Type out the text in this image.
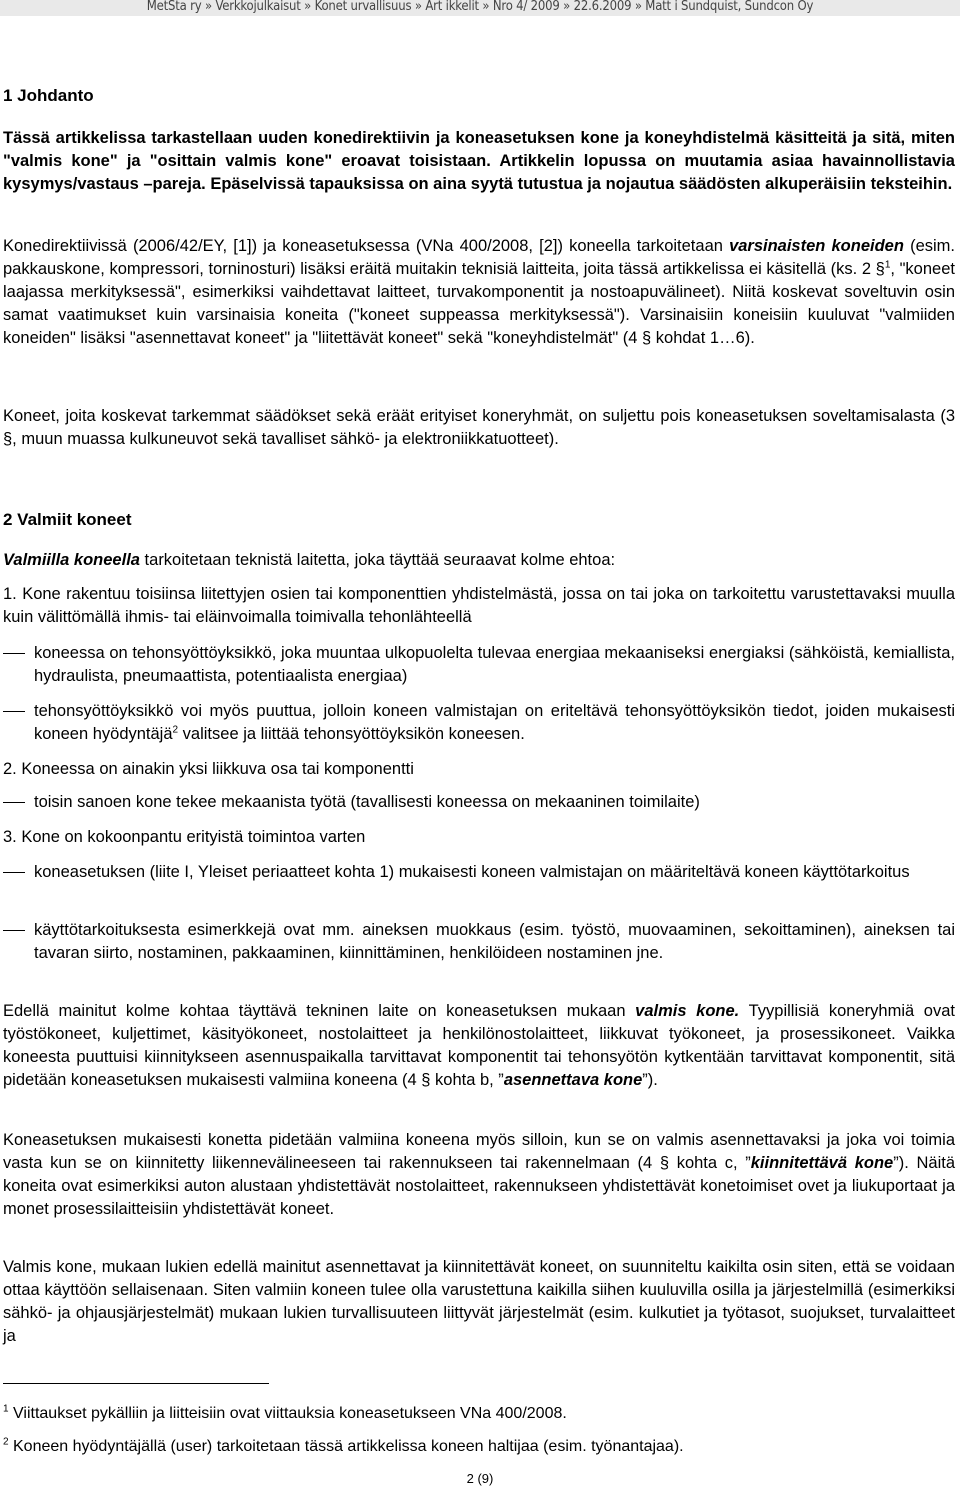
MetSta ry » Verkkojulkaisut » Konet urvallisuus » Art ikkelit » Nro 4/ 2009 » 22.6.2009 » Matt i Sundquist, Sundcon Oy
1 Johdanto
Tässä artikkelissa tarkastellaan uuden konedirektiivin ja koneasetuksen kone ja koneyhdistelmä käsitteitä ja sitä, miten "valmis kone" ja "osittain valmis kone" eroavat toisistaan. Artikkelin lopussa on muutamia asiaa havainnollistavia kysymys/vastaus –pareja. Epäselvissä tapauksissa on aina syytä tutustua ja nojautua säädösten alkuperäisiin teksteihin.
Konedirektiivissä (2006/42/EY, [1]) ja koneasetuksessa (VNa 400/2008, [2]) koneella tarkoitetaan varsinaisten koneiden (esim. pakkauskone, kompressori, torninosturi) lisäksi eräitä muitakin teknisiä laitteita, joita tässä artikkelissa ei käsitellä (ks. 2 §$^1$, "koneet laajassa merkityksessä", esimerkiksi vaihdettavat laitteet, turvakomponentit ja nostoapuvälineet). Niitä koskevat soveltuvin osin samat vaatimukset kuin varsinaisia koneita ("koneet suppeassa merkityksessä"). Varsinaisiin koneisiin kuuluvat "valmiiden koneiden" lisäksi "asennettavat koneet" ja "liitettävät koneet" sekä "koneyhdistelmät" (4 § kohdat 1…6).
Koneet, joita koskevat tarkemmat säädökset sekä eräät erityiset koneryhmät, on suljettu pois koneasetuksen soveltamisalasta (3 §, muun muassa kulkuneuvot sekä tavalliset sähkö- ja elektroniikkatuotteet).
2 Valmiit koneet
Valmiilla koneella tarkoitetaan teknistä laitetta, joka täyttää seuraavat kolme ehtoa:
1. Kone rakentuu toisiinsa liitettyjen osien tai komponenttien yhdistelmästä, jossa on tai joka on tarkoitettu varustettavaksi muulla kuin välittömällä ihmis- tai eläinvoimalla toimivalla tehonlähteellä
koneessa on tehonsyöttöyksikkö, joka muuntaa ulkopuolelta tulevaa energiaa mekaaniseksi energiaksi (sähköistä, kemiallista, hydraulista, pneumaattista, potentiaalista energiaa)
tehonsyöttöyksikkö voi myös puuttua, jolloin koneen valmistajan on eriteltävä tehonsyöttöyksikön tiedot, joiden mukaisesti koneen hyödyntäjä$^2$ valitsee ja liittää tehonsyöttöyksikön koneesen.
2. Koneessa on ainakin yksi liikkuva osa tai komponentti
toisin sanoen kone tekee mekaanista työtä (tavallisesti koneessa on mekaaninen toimilaite)
3. Kone on kokoonpantu erityistä toimintoa varten
koneasetuksen (liite I, Yleiset periaatteet kohta 1) mukaisesti koneen valmistajan on määriteltävä koneen käyttötarkoitus
käyttötarkoituksesta esimerkkejä ovat mm. aineksen muokkaus (esim. työstö, muovaaminen, sekoittaminen), aineksen tai tavaran siirto, nostaminen, pakkaaminen, kiinnittäminen, henkilöideen nostaminen jne.
Edellä mainitut kolme kohtaa täyttävä tekninen laite on koneasetuksen mukaan valmis kone. Tyypillisiä koneryhmiä ovat työstökoneet, kuljettimet, käsityökoneet, nostolaitteet ja henkilönostolaitteet, liikkuvat työkoneet, ja prosessikoneet. Vaikka koneesta puuttuisi kiinnitykseen asennuspaikalla tarvittavat komponentit tai tehonsyötön kytkentään tarvittavat komponentit, sitä pidetään koneasetuksen mukaisesti valmiina koneena (4 § kohta b, ”asennettava kone”).
Koneasetuksen mukaisesti konetta pidetään valmiina koneena myös silloin, kun se on valmis asennettavaksi ja joka voi toimia vasta kun se on kiinnitetty liikennevälineeseen tai rakennukseen tai rakennelmaan (4 § kohta c, ”kiinnitettävä kone”). Näitä koneita ovat esimerkiksi auton alustaan yhdistettävät nostolaitteet, rakennukseen yhdistettävät konetoimiset ovet ja liukuportaat ja monet prosessilaitteisiin yhdistettävät koneet.
Valmis kone, mukaan lukien edellä mainitut asennettavat ja kiinnitettävät koneet, on suunniteltu kaikilta osin siten, että se voidaan ottaa käyttöön sellaisenaan. Siten valmiin koneen tulee olla varustettuna kaikilla siihen kuuluvilla osilla ja järjestelmillä (esimerkiksi sähkö- ja ohjausjärjestelmät) mukaan lukien turvallisuuteen liittyvät järjestelmät (esim. kulkutiet ja työtasot, suojukset, turvalaitteet ja
$^1$ Viittaukset pykälliin ja liitteisiin ovat viittauksia koneasetukseen VNa 400/2008.
$^2$ Koneen hyödyntäjällä (user) tarkoitetaan tässä artikkelissa koneen haltijaa (esim. työnantajaa).
2 (9)
